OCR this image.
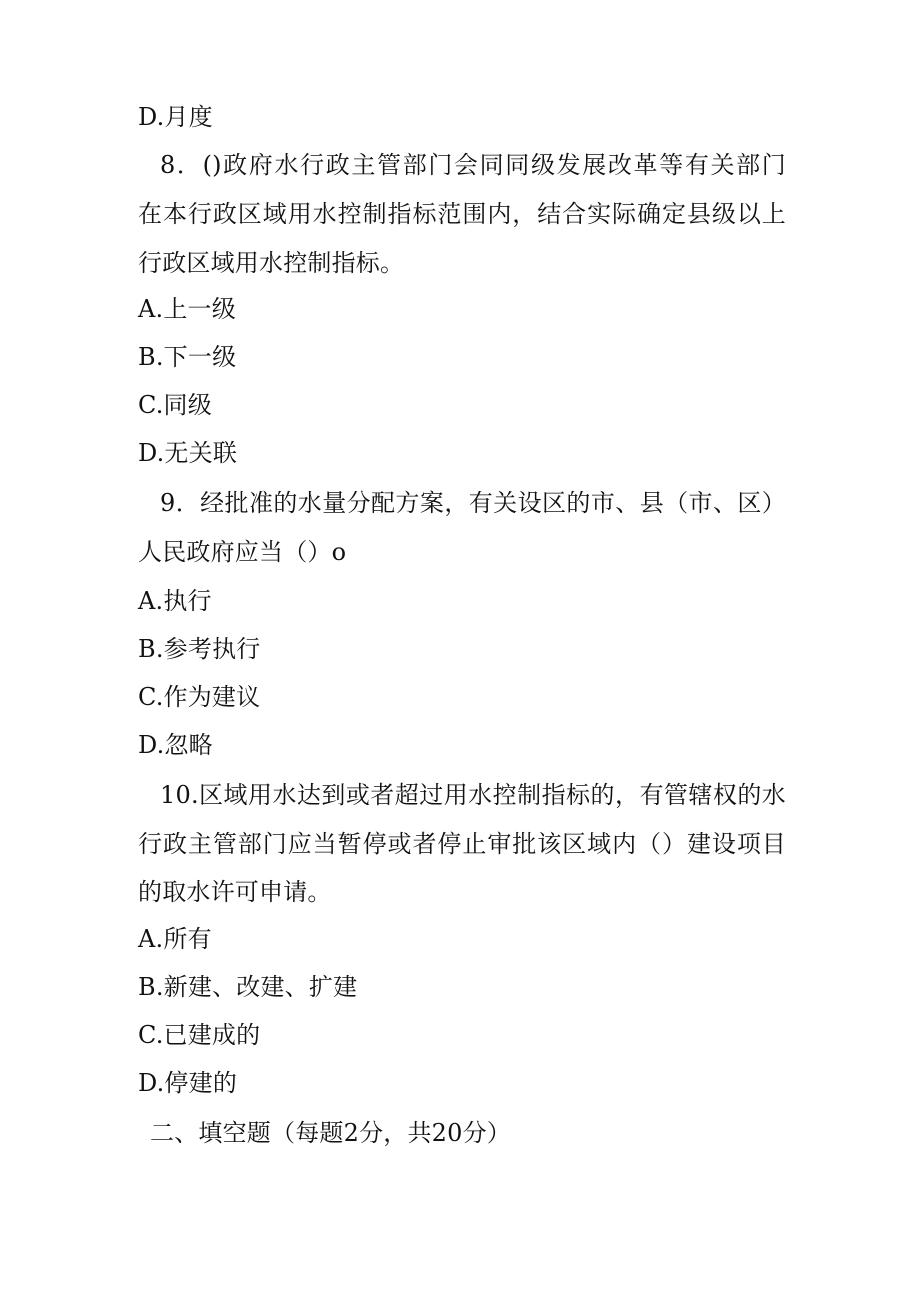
D.月度
8．()政府水行政主管部门会同同级发展改革等有关部门
在本行政区域用水控制指标范围内，结合实际确定县级以上
行政区域用水控制指标。
A.上一级
B.下一级
C.同级
D.无关联
9．经批准的水量分配方案，有关设区的市、县（市、区）
人民政府应当（）o
A.执行
B.参考执行
C.作为建议
D.忽略
10.区域用水达到或者超过用水控制指标的，有管辖权的水
行政主管部门应当暂停或者停止审批该区域内（）建设项目
的取水许可申请。
A.所有
B.新建、改建、扩建
C.已建成的
D.停建的
二、填空题（每题2分，共20分）
